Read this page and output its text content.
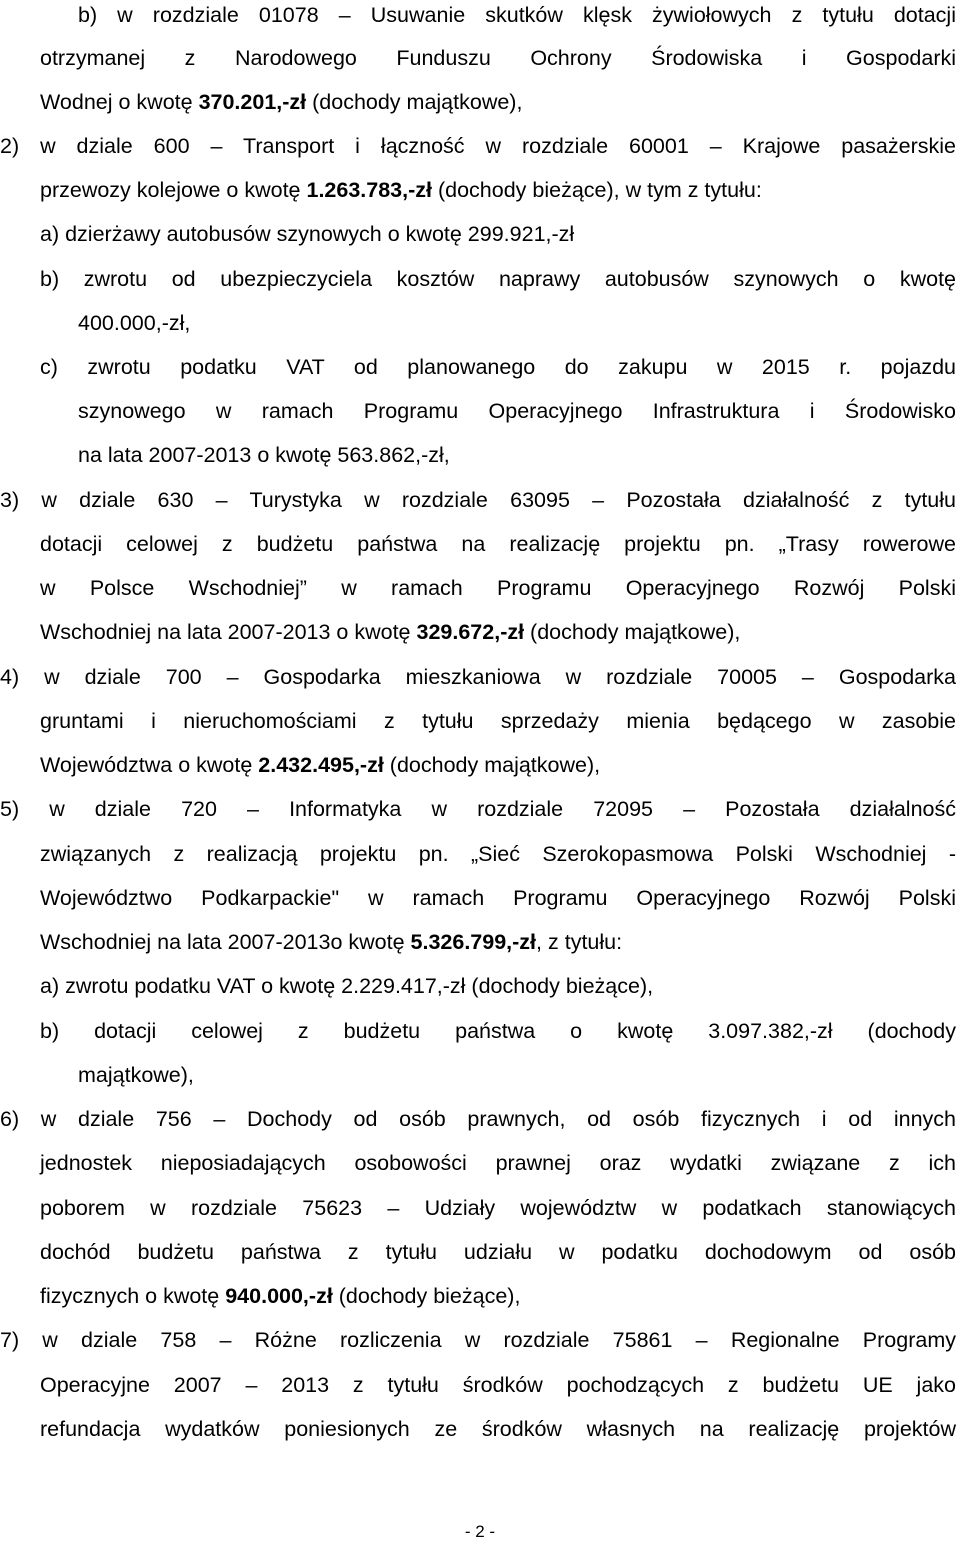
b) w rozdziale 01078 – Usuwanie skutków klęsk żywiołowych z tytułu dotacji
otrzymanej z Narodowego Funduszu Ochrony Środowiska i Gospodarki
Wodnej o kwotę 370.201,-zł (dochody majątkowe),
2) w dziale 600 – Transport i łączność w rozdziale 60001 – Krajowe pasażerskie
przewozy kolejowe o kwotę 1.263.783,-zł (dochody bieżące), w tym z tytułu:
a) dzierżawy autobusów szynowych o kwotę 299.921,-zł
b) zwrotu od ubezpieczyciela kosztów naprawy autobusów szynowych o kwotę
400.000,-zł,
c) zwrotu podatku VAT od planowanego do zakupu w 2015 r. pojazdu
szynowego w ramach Programu Operacyjnego Infrastruktura i Środowisko
na lata 2007-2013 o kwotę 563.862,-zł,
3) w dziale 630 – Turystyka w rozdziale 63095 – Pozostała działalność z tytułu
dotacji celowej z budżetu państwa na realizację projektu pn. „Trasy rowerowe
w Polsce Wschodniej” w ramach Programu Operacyjnego Rozwój Polski
Wschodniej na lata 2007-2013 o kwotę 329.672,-zł (dochody majątkowe),
4) w dziale 700 – Gospodarka mieszkaniowa w rozdziale 70005 – Gospodarka
gruntami i nieruchomościami z tytułu sprzedaży mienia będącego w zasobie
Województwa o kwotę 2.432.495,-zł (dochody majątkowe),
5) w dziale 720 – Informatyka w rozdziale 72095 – Pozostała działalność
związanych z realizacją projektu pn. „Sieć Szerokopasmowa Polski Wschodniej -
Województwo Podkarpackie" w ramach Programu Operacyjnego Rozwój Polski
Wschodniej na lata 2007-2013o kwotę 5.326.799,-zł, z tytułu:
a) zwrotu podatku VAT o kwotę 2.229.417,-zł (dochody bieżące),
b) dotacji celowej z budżetu państwa o kwotę 3.097.382,-zł (dochody
majątkowe),
6) w dziale 756 – Dochody od osób prawnych, od osób fizycznych i od innych
jednostek nieposiadających osobowości prawnej oraz wydatki związane z ich
poborem w rozdziale 75623 – Udziały województw w podatkach stanowiących
dochód budżetu państwa z tytułu udziału w podatku dochodowym od osób
fizycznych o kwotę 940.000,-zł (dochody bieżące),
7) w dziale 758 – Różne rozliczenia w rozdziale 75861 – Regionalne Programy
Operacyjne 2007 – 2013 z tytułu środków pochodzących z budżetu UE jako
refundacja wydatków poniesionych ze środków własnych na realizację projektów
- 2 -
